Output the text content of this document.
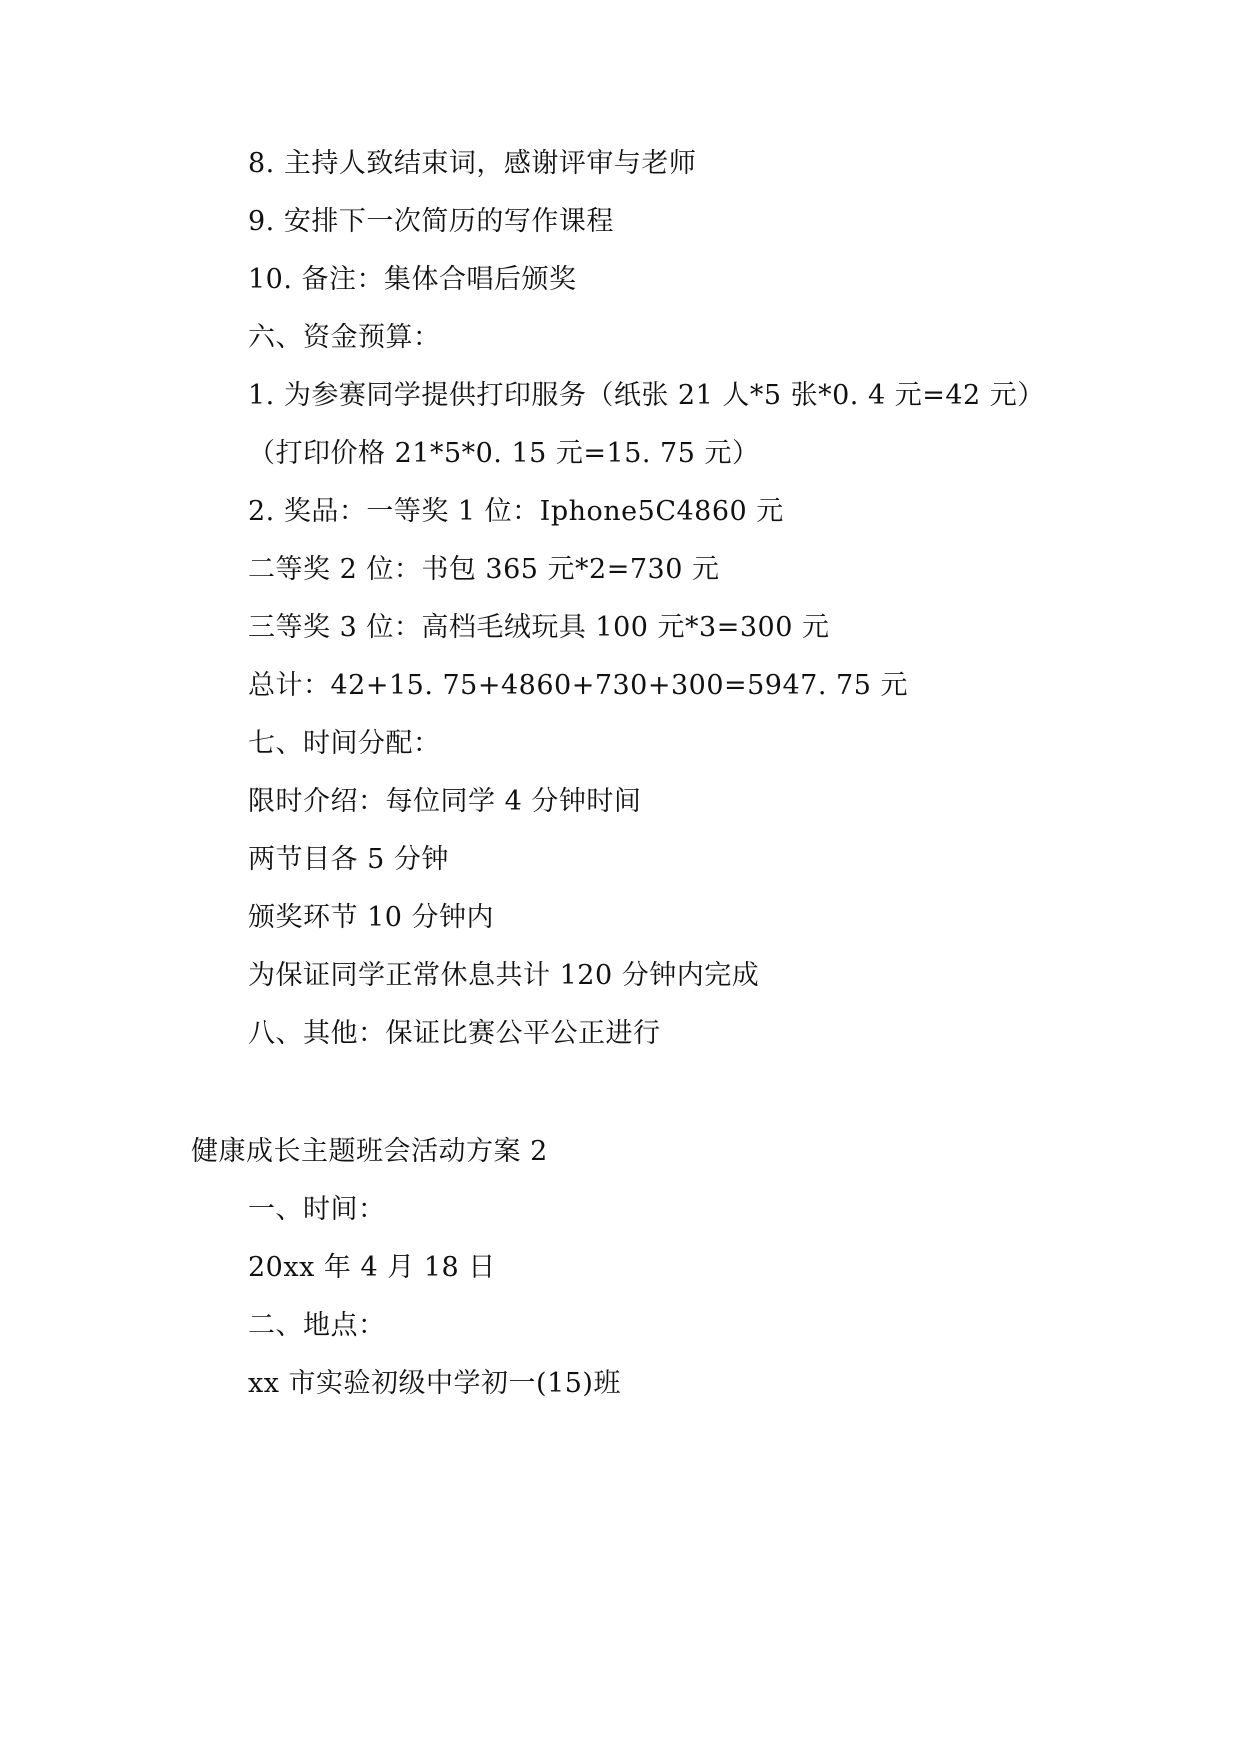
8. 主持人致结束词，感谢评审与老师
9. 安排下一次简历的写作课程
10. 备注：集体合唱后颁奖
六、资金预算：
1. 为参赛同学提供打印服务（纸张 21 人*5 张*0. 4 元=42 元）
（打印价格 21*5*0. 15 元=15. 75 元）
2. 奖品：一等奖 1 位：Iphone5C4860 元
二等奖 2 位：书包 365 元*2=730 元
三等奖 3 位：高档毛绒玩具 100 元*3=300 元
总计：42+15. 75+4860+730+300=5947. 75 元
七、时间分配：
限时介绍：每位同学 4 分钟时间
两节目各 5 分钟
颁奖环节 10 分钟内
为保证同学正常休息共计 120 分钟内完成
八、其他：保证比赛公平公正进行
健康成长主题班会活动方案 2
一、时间：
20xx 年 4 月 18 日
二、地点：
xx 市实验初级中学初一(15)班
